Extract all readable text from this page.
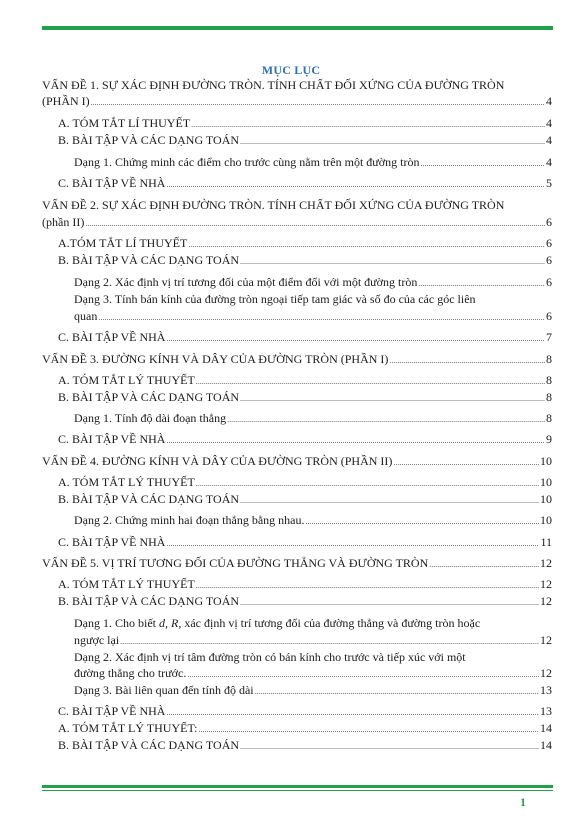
MỤC LỤC
VẤN ĐỀ 1. SỰ XÁC ĐỊNH ĐƯỜNG TRÒN. TÍNH CHẤT ĐỐI XỨNG CỦA ĐƯỜNG TRÒN
(PHẦN I) .....	4
A. TÓM TẮT LÍ THUYẾT .....	4
B. BÀI TẬP VÀ CÁC DẠNG TOÁN .....	4
Dạng 1. Chứng minh các điểm cho trước cùng nằm trên một đường tròn .....	4
C. BÀI TẬP VỀ NHÀ .....	5
VẤN ĐỀ 2. SỰ XÁC ĐỊNH ĐƯỜNG TRÒN. TÍNH CHẤT ĐỐI XỨNG CỦA ĐƯỜNG TRÒN
(phần II) .....	6
A.TÓM TẮT LÍ THUYẾT .....	6
B. BÀI TẬP VÀ CÁC DẠNG TOÁN .....	6
Dạng 2. Xác định vị trí tương đối của một điểm đối với một đường tròn .....	6
Dạng 3. Tính bán kính của đường tròn ngoại tiếp tam giác và số đo của các góc liên
quan .....	6
C. BÀI TẬP VỀ NHÀ .....	7
VẤN ĐỀ 3. ĐƯỜNG KÍNH VÀ DÂY CỦA ĐƯỜNG TRÒN (PHẦN I) .....	8
A. TÓM TẮT LÝ THUYẾT .....	8
B. BÀI TẬP VÀ CÁC DẠNG TOÁN .....	8
Dạng 1. Tính độ dài đoạn thẳng .....	8
C. BÀI TẬP VỀ NHÀ .....	9
VẤN ĐỀ 4. ĐƯỜNG KÍNH VÀ DÂY CỦA ĐƯỜNG TRÒN (PHẦN II) .....	10
A. TÓM TẮT LÝ THUYẾT .....	10
B. BÀI TẬP VÀ CÁC DẠNG TOÁN .....	10
Dạng 2. Chứng minh hai đoạn thẳng bằng nhau. .....	10
C. BÀI TẬP VỀ NHÀ .....	11
VẤN ĐỀ 5. VỊ TRÍ TƯƠNG ĐỐI CỦA ĐƯỜNG THẲNG VÀ ĐƯỜNG TRÒN .....	12
A. TÓM TẮT LÝ THUYẾT .....	12
B. BÀI TẬP VÀ CÁC DẠNG TOÁN .....	12
Dạng 1. Cho biết d, R, xác định vị trí tương đối của đường thẳng và đường tròn hoặc
ngược lại .....	12
Dạng 2. Xác định vị trí tâm đường tròn có bán kính cho trước và tiếp xúc với một
đường thẳng cho trước. .....	12
Dạng 3. Bài liên quan đến tính độ dài .....	13
C. BÀI TẬP VỀ NHÀ .....	13
A. TÓM TẮT LÝ THUYẾT: .....	14
B. BÀI TẬP VÀ CÁC DẠNG TOÁN .....	14
1
